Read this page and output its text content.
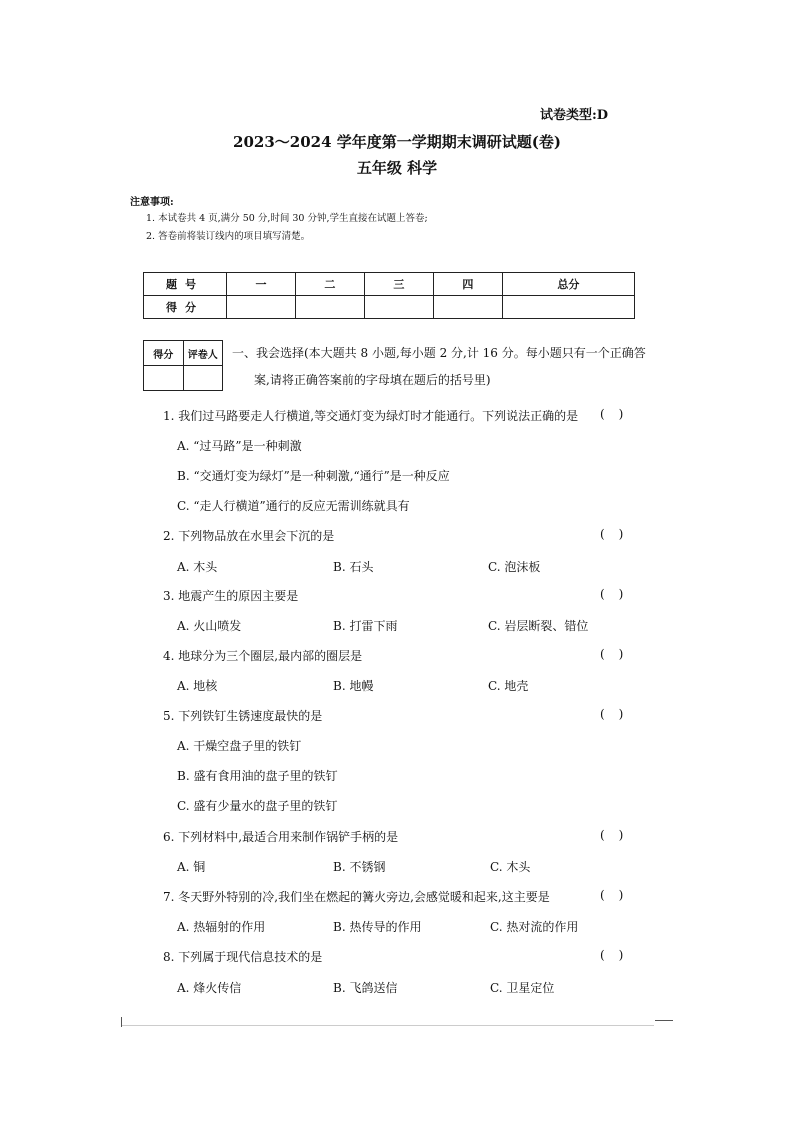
试卷类型:D
2023～2024 学年度第一学期期末调研试题(卷)
五年级 科学
注意事项:
1. 本试卷共 4 页,满分 50 分,时间 30 分钟,学生直接在试题上答卷;
2. 答卷前将装订线内的项目填写清楚。
题号	一	二	三	四	总分
得分					
得分	评卷人
	一、我会选择(本大题共 8 小题,每小题 2 分,计 16 分。每小题只有一个正确答
案,请将正确答案前的字母填在题后的括号里)
1. 我们过马路要走人行横道,等交通灯变为绿灯时才能通行。下列说法正确的是 ()
A. “过马路”是一种刺激
B. “交通灯变为绿灯”是一种刺激,“通行”是一种反应
C. “走人行横道”通行的反应无需训练就具有
2. 下列物品放在水里会下沉的是	()
A. 木头	B. 石头	C. 泡沫板
3. 地震产生的原因主要是	()
A. 火山喷发	B. 打雷下雨	C. 岩层断裂、错位
4. 地球分为三个圈层,最内部的圈层是	()
A. 地核	B. 地幔	C. 地壳
5. 下列铁钉生锈速度最快的是	()
A. 干燥空盘子里的铁钉
B. 盛有食用油的盘子里的铁钉
C. 盛有少量水的盘子里的铁钉
6. 下列材料中,最适合用来制作锅铲手柄的是	()
A. 铜	B. 不锈钢	C. 木头
7. 冬天野外特别的冷,我们坐在燃起的篝火旁边,会感觉暖和起来,这主要是	()
A. 热辐射的作用	B. 热传导的作用	C. 热对流的作用
8. 下列属于现代信息技术的是	()
A. 烽火传信	B. 飞鸽送信	C. 卫星定位
